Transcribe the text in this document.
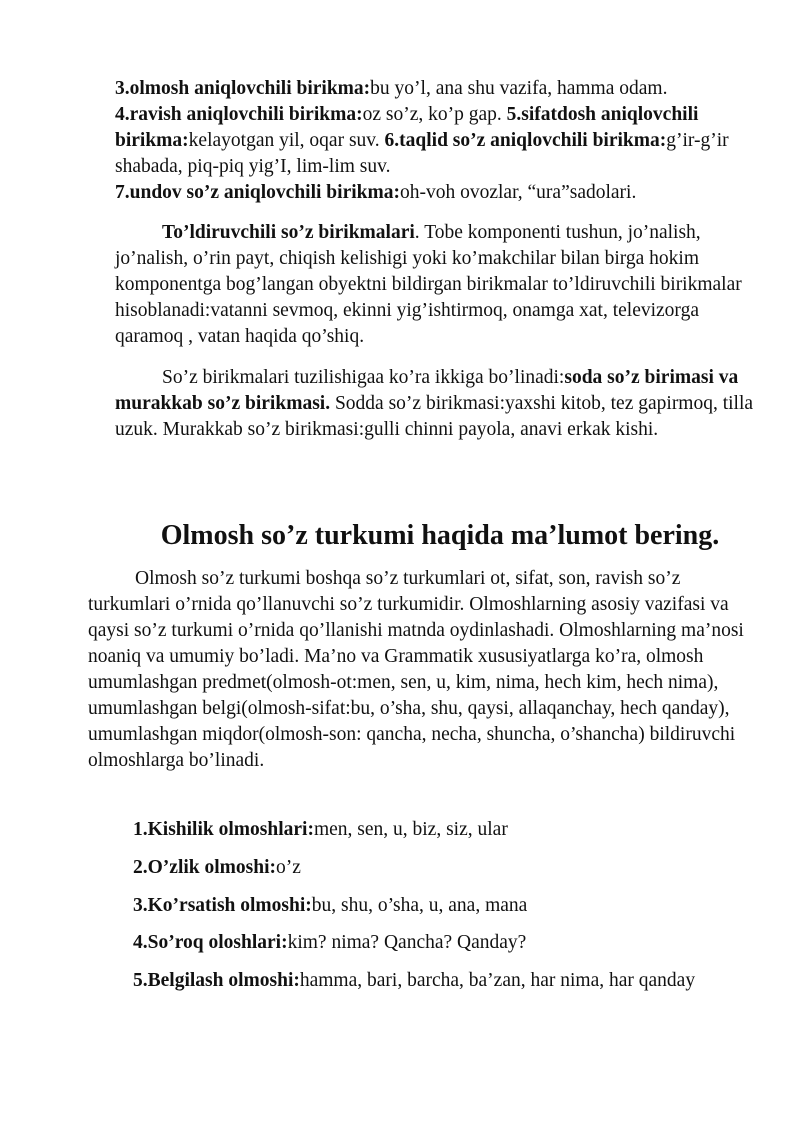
3.olmosh aniqlovchili birikma:bu yo’l, ana shu vazifa, hamma odam.
4.ravish aniqlovchili birikma:oz so’z, ko’p gap. 5.sifatdosh aniqlovchili birikma:kelayotgan yil, oqar suv. 6.taqlid so’z aniqlovchili birikma:g’ir-g’ir shabada, piq-piq yig’I, lim-lim suv.
7.undov so’z aniqlovchili birikma:oh-voh ovozlar, “ura”sadolari.

To’ldiruvchili so’z birikmalari. Tobe komponenti tushun, jo’nalish, jo’nalish, o’rin payt, chiqish kelishigi yoki ko’makchilar bilan birga hokim komponentga bog’langan obyektni bildirgan birikmalar to’ldiruvchili birikmalar hisoblanadi:vatanni sevmoq, ekinni yig’ishtirmoq, onamga xat, televizorga qaramoq , vatan haqida qo’shiq.

So’z birikmalari tuzilishigaa ko’ra ikkiga bo’linadi:soda so’z birimasi va murakkab so’z birikmasi. Sodda so’z birikmasi:yaxshi kitob, tez gapirmoq, tilla uzuk. Murakkab so’z birikmasi:gulli chinni payola, anavi erkak kishi.

Olmosh so’z turkumi haqida ma’lumot bering.

Olmosh so’z turkumi boshqa so’z turkumlari ot, sifat, son, ravish so’z turkumlari o’rnida qo’llanuvchi so’z turkumidir. Olmoshlarning asosiy vazifasi va qaysi so’z turkumi o’rnida qo’llanishi matnda oydinlashadi. Olmoshlarning ma’nosi noaniq va umumiy bo’ladi. Ma’no va Grammatik xususiyatlarga ko’ra, olmosh umumlashgan predmet(olmosh-ot:men, sen, u, kim, nima, hech kim, hech nima), umumlashgan belgi(olmosh-sifat:bu, o’sha, shu, qaysi, allaqanchay, hech qanday), umumlashgan miqdor(olmosh-son: qancha, necha, shuncha, o’shancha) bildiruvchi olmoshlarga bo’linadi.

1.Kishilik olmoshlari:men, sen, u, biz, siz, ular

2.O’zlik olmoshi:o’z

3.Ko’rsatish olmoshi:bu, shu, o’sha, u, ana, mana

4.So’roq oloshlari:kim? nima? Qancha? Qanday?

5.Belgilash olmoshi:hamma, bari, barcha, ba’zan, har nima, har qanday
